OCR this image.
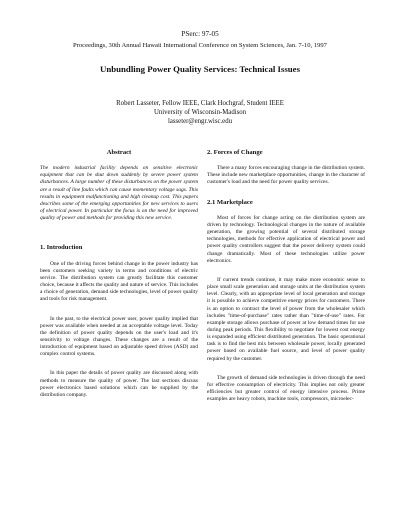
PSerc: 97-05
Proceedings, 30th Annual Hawaii International Conference on System Sciences, Jan. 7-10, 1997
Unbundling Power Quality Services: Technical Issues
Robert Lasseter, Fellow IEEE, Clark Hochgraf, Student IEEE
University of Wisconsin-Madison
lasseter@engr.wisc.edu
Abstract
The modern industrial facility depends on sensitive electronic equipment that can be shut down suddenly by severe power system disturbances. A large number of these disturbances on the power system are a result of line faults which can cause momentary voltage sags. This results in equipment malfunctioning and high cleanup cost. This papers describes some of the emerging opportunities for new services to users of electrical power. In particular the focus is on the need for improved quality of power and methods for providing this new service.
1. Introduction

One of the driving forces behind change in the power industry has been customers seeking variety in terms and conditions of electric service. The distribution system can greatly facilitate this customer choice, because it affects the quality and nature of service. This includes a choice of generation, demand side technologies, level of power quality and tools for risk management.

In the past, to the electrical power user, power quality implied that power was available when needed at an acceptable voltage level. Today the definition of power quality depends on the user's load and it's sensitivity to voltage changes. These changes are a result of the introduction of equipment based on adjustable speed drives (ASD) and complex control systems.

In this paper the details of power quality are discussed along with methods to measure the quality of power. The last sections discuss power electronics based solutions which can be supplied by the distribution company.

2. Forces of Change

There a many forces encouraging change in the distribution system. These include new marketplace opportunities, change in the character of customer's load and the need for power quality services.

2.1 Marketplace

Most of forces for change acting on the distribution system are driven by technology. Technological changes in the nature of available generation, the growing potential of several distributed storage technologies, methods for effective application of electrical power and power quality controllers suggest that the power delivery system could change dramatically. Most of these technologies utilize power electronics.

If current trends continue, it may make more economic sense to place small scale generation and storage units at the distribution system level. Clearly, with an appropriate level of local generation and storage it is possible to achieve competitive energy prices for customers. There is an option to contract the level of power from the wholesaler which includes "time-of-purchase" rates rather than "time-of-use" rates. For example storage allows purchase of power at low demand times for use during peak periods. This flexibility to negotiate for lowest cost energy is expanded using efficient distributed generation. The basic operational task is to find the best mix between wholesale power, locally generated power based on available fuel source, and level of power quality required by the customer.

The growth of demand side technologies is driven through the need for effective consumption of electricity. This implies not only greater efficiencies but greater control of energy intensive process. Prime examples are heavy robots, machine tools, compressors, microelec-
